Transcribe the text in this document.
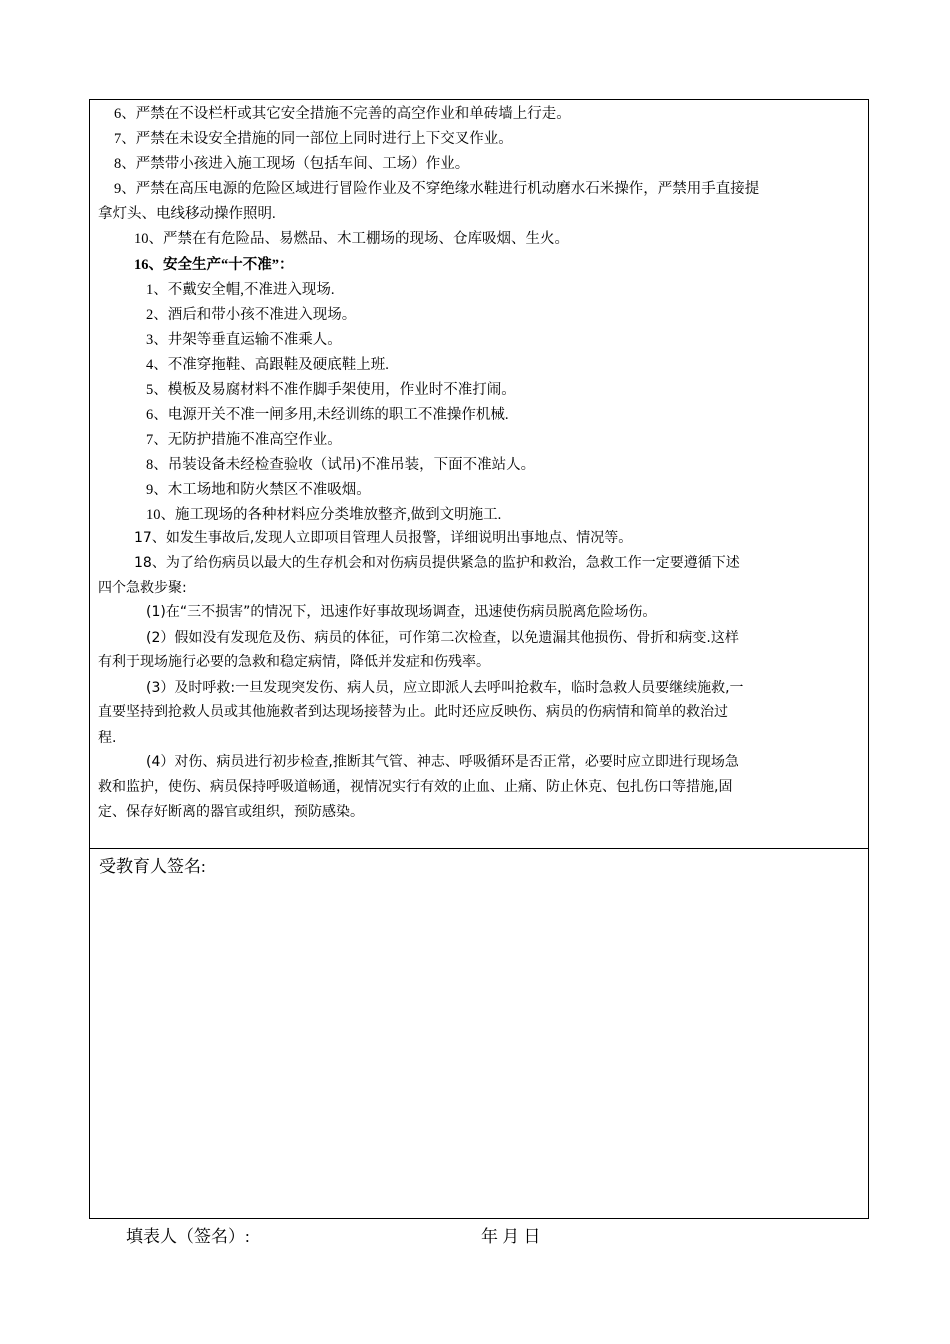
6、严禁在不设栏杆或其它安全措施不完善的高空作业和单砖墙上行走。
7、严禁在未设安全措施的同一部位上同时进行上下交叉作业。
8、严禁带小孩进入施工现场（包括车间、工场）作业。
9、严禁在高压电源的危险区域进行冒险作业及不穿绝缘水鞋进行机动磨水石米操作，严禁用手直接提
拿灯头、电线移动操作照明.
10、严禁在有危险品、易燃品、木工棚场的现场、仓库吸烟、生火。
16、安全生产“十不准”：
1、不戴安全帽,不准进入现场.
2、酒后和带小孩不准进入现场。
3、井架等垂直运输不准乘人。
4、不准穿拖鞋、高跟鞋及硬底鞋上班.
5、模板及易腐材料不准作脚手架使用，作业时不准打闹。
6、电源开关不准一闸多用,未经训练的职工不准操作机械.
7、无防护措施不准高空作业。
8、吊装设备未经检查验收（试吊)不准吊装，下面不准站人。
9、木工场地和防火禁区不准吸烟。
10、施工现场的各种材料应分类堆放整齐,做到文明施工.
17、如发生事故后,发现人立即项目管理人员报警，详细说明出事地点、情况等。
18、为了给伤病员以最大的生存机会和对伤病员提供紧急的监护和救治，急救工作一定要遵循下述
四个急救步聚:
(1)在“三不损害”的情况下，迅速作好事故现场调查，迅速使伤病员脱离危险场伤。
(2）假如没有发现危及伤、病员的体征，可作第二次检查，以免遗漏其他损伤、骨折和病变.这样
有利于现场施行必要的急救和稳定病情，降低并发症和伤残率。
(3）及时呼救:一旦发现突发伤、病人员，应立即派人去呼叫抢救车，临时急救人员要继续施救,一
直要坚持到抢救人员或其他施救者到达现场接替为止。此时还应反映伤、病员的伤病情和简单的救治过
程.
(4）对伤、病员进行初步检查,推断其气管、神志、呼吸循环是否正常，必要时应立即进行现场急
救和监护，使伤、病员保持呼吸道畅通，视情况实行有效的止血、止痛、防止休克、包扎伤口等措施,固
定、保存好断离的器官或组织，预防感染。
受教育人签名:
填表人（签名）:	年 月 日
